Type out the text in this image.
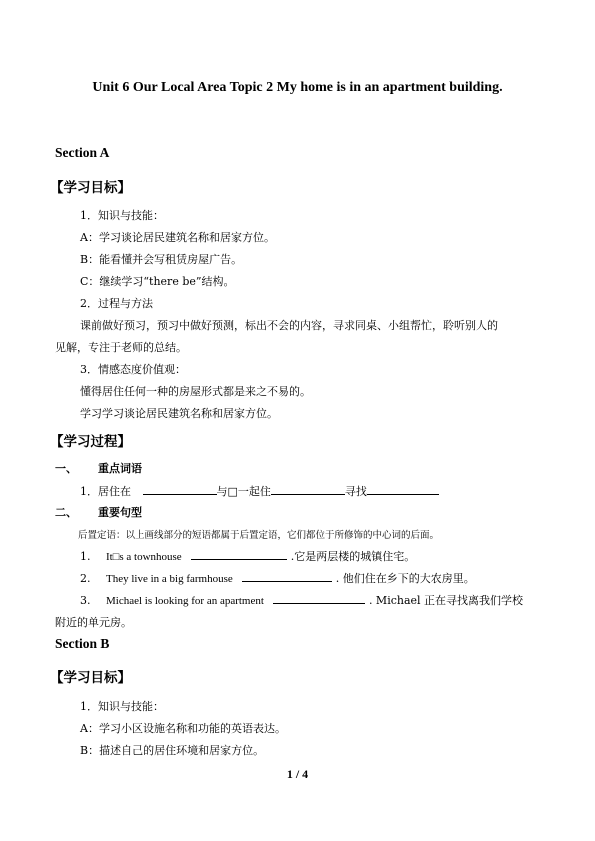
Unit 6 Our Local Area Topic 2 My home is in an apartment building.
Section A
【学习目标】
1．知识与技能：
A：学习谈论居民建筑名称和居家方位。
B：能看懂并会写租赁房屋广告。
C：继续学习“there be”结构。
2．过程与方法
课前做好预习，预习中做好预测，标出不会的内容，寻求同桌、小组帮忙，聆听别人的
见解，专注于老师的总结。
3．情感态度价值观：
懂得居住任何一种的房屋形式都是来之不易的。
学习学习谈论居民建筑名称和居家方位。
【学习过程】
一、 重点词语
1．居住在	与□一起住	寻找
二、 重要句型
后置定语：以上画线部分的短语都属于后置定语，它们都位于所修饰的中心词的后面。
1. It□s a townhouse	.它是两层楼的城镇住宅。
2. They live in a big farmhouse	. 他们住在乡下的大农房里。
3. Michael is looking for an apartment	. Michael 正在寻找离我们学校
附近的单元房。
Section B
【学习目标】
1．知识与技能：
A：学习小区设施名称和功能的英语表达。
B：描述自己的居住环境和居家方位。
1 / 4
